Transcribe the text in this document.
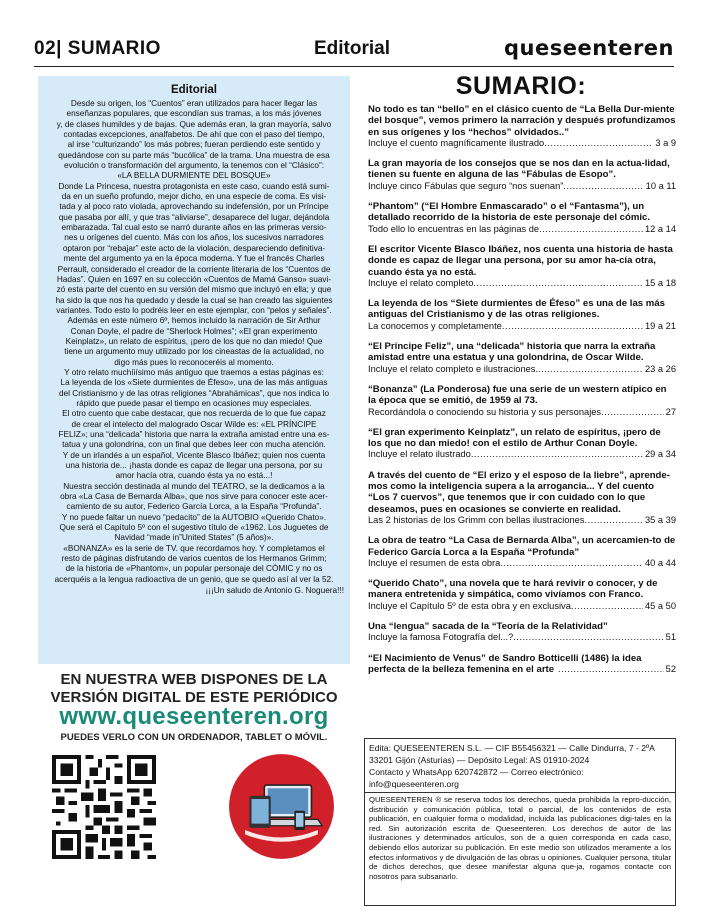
02| SUMARIO	Editorial	queseenteren
Editorial

Desde su origen, los “Cuentos” eran utilizados para hacer llegar las

enseñanzas populares, que escondían sus tramas, a los más jóvenes

y, de clases humildes y de bajas. Que además eran, la gran mayoría, salvo

contadas excepciones, analfabetos. De ahí que con el paso del tiempo,

al irse “culturizando” los más pobres; fueran perdiendo este sentido y

quedándose con su parte más “bucólica” de la trama. Una muestra de esa

evolución o transformación del argumento, la tenemos con el “Clásico”:

«LA BELLA DURMIENTE DEL BOSQUE»

Donde La Princesa, nuestra protagonista en este caso, cuando está sumi-

da en un sueño profundo, mejor dicho, en una especie de coma. Es visi-

tada y al poco rato violada, aprovechando su indefensión, por un Príncipe

que pasaba por allí, y que tras “aliviarse”, desaparece del lugar, dejándola

embarazada. Tal cual esto se narró durante años en las primeras versio-

nes u orígenes del cuento. Más con los años, los sucesivos narradores

optaron por “rebajar” este acto de la violación, despareciendo definitiva-

mente del argumento ya en la época moderna. Y fue el francés Charles

Perrault, considerado el creador de la corriente literaria de los “Cuentos de

Hadas”. Quien en 1697 en su colección «Cuentos de Mamá Ganso» suavi-

zó esta parte del cuento en su versión del mismo que incluyó en ella; y que

ha sido la que nos ha quedado y desde la cual se han creado las siguientes

variantes. Todo esto lo podréis leer en este ejemplar, con “pelos y señales”.

Además en este número 6º, hemos incluido la narración de Sir Arthur

Conan Doyle, el padre de “Sherlock Holmes”; «El gran experimento

Keinplatz», un relato de espíritus, ¡pero de los que no dan miedo! Que

tiene un argumento muy utilizado por los cineastas de la actualidad, no

digo más pues lo reconoceréis al momento.

Y otro relato muchíiísimo más antiguo que traemos a estas páginas es:

La leyenda de los «Siete durmientes de Éfeso», una de las más antiguas

del Cristianismo y de las otras religiones “Abrahámicas”, que nos indica lo

rápido que puede pasar el tiempo en ocasiones muy especiales.

El otro cuento que cabe destacar, que nos recuerda de lo que fue capaz

de crear el intelecto del malogrado Oscar Wilde es: «EL PRÍNCIPE

FELIZ»; una “delicada” historia que narra la extraña amistad entre una es-

tatua y una golondrina, con un final que debes leer con mucha atención.

Y de un irlandés a un español, Vicente Blasco Ibáñez; quien nos cuenta

una historia de... ¡hasta donde es capaz de llegar una persona, por su

amor hacía otra, cuando ésta ya no está...!

Nuestra sección destinada al mundo del TEATRO, se la dedicamos a la

obra «La Casa de Bernarda Alba», que nos sirve para conocer este acer-

camiento de su autor, Federico García Lorca, a la España “Profunda”.

Y no puede faltar un nuevo “pedacito” de la AUTOBIO «Querido Chato».

Que será el Capítulo 5º con el sugestivo título de «1962. Los Juguetes de

Navidad “made in”United States” (5 años)».

«BONANZA» es la serie de TV. que recordamos hoy. Y completamos el

resto de páginas disfrutando de varios cuentos de los Hermanos Grimm;

de la historia de «Phantom», un popular personaje del CÓMIC y no os

acerquéis a la lengua radioactiva de un genio, que se quedo así al ver la 52.

¡¡¡Un saludo de Antonio G. Noguera!!!
EN NUESTRA WEB DISPONES DE LA
VERSIÓN DIGITAL DE ESTE PERIÓDICO
www.queseenteren.org
PUEDES VERLO CON UN ORDENADOR, TABLET O MÓVIL.
SUMARIO:
No todo es tan “bello” en el clásico cuento de “La Bella Dur-miente del bosque”, vemos primero la narración y después profundizamos en sus orígenes y los “hechos” olvidados..”
Incluye el cuento magníficamente ilustrado .....	3 a 9
La gran mayoría de los consejos que se nos dan en la actua-lidad, tienen su fuente en alguna de las “Fábulas de Esopo”.
Incluye cinco Fábulas que seguro “nos suenan” .....	10 a 11
“Phantom” (“El Hombre Enmascarado” o el “Fantasma”), un detallado recorrido de la historia de este personaje del cómic.
Todo ello lo encuentras en las páginas de .....	12 a 14
El escritor Vicente Blasco Ibáñez, nos cuenta una historia de hasta donde es capaz de llegar una persona, por su amor ha-cía otra, cuando ésta ya no está.
Incluye el relato completo .....	15 a 18
La leyenda de los “Siete durmientes de Éfeso” es una de las más antiguas del Cristianismo y de las otras religiones.
La conocemos y completamente .....	19 a 21
“El Príncipe Feliz”, una “delicada” historia que narra la extraña amistad entre una estatua y una golondrina, de Oscar Wilde.
Incluye el relato completo e ilustraciones. .....	23 a 26
“Bonanza” (La Ponderosa) fue una serie de un western atípico en la época que se emitió, de 1959 al 73.
Recordándola o conociendo su historia y sus personajes .....	27
“El gran experimento Keinplatz”, un relato de espíritus, ¡pero de los que no dan miedo! con el estilo de Arthur Conan Doyle.
Incluye el relato ilustrado .....	29 a 34
A través del cuento de “El erizo y el esposo de la liebre”, aprende-mos como la inteligencia supera a la arrogancia... Y del cuento “Los 7 cuervos”, que tenemos que ir con cuidado con lo que deseamos, pues en ocasiones se convierte en realidad.
Las 2 historias de los Grimm con bellas ilustraciones .....	35 a 39
La obra de teatro “La Casa de Bernarda Alba”, un acercamien-to de Federico García Lorca a la España “Profunda”
Incluye el resumen de esta obra .....	40 a 44
“Querido Chato”, una novela que te hará revivir o conocer, y de manera entretenida y simpática, como vivíamos con Franco.
Incluye el Capítulo 5º de esta obra y en exclusiva .....	45 a 50
Una “lengua” sacada de la “Teoría de la Relatividad”
Incluye la famosa Fotografía del...? .....	51
“El Nacimiento de Venus” de Sandro Botticelli (1486) la idea perfecta de la belleza femenina en el arte .....	52
Edita: QUESEENTEREN S.L. — CIF B55456321 — Calle Dindurra, 7 - 2ºA
33201 Gijón (Asturias) — Depósito Legal: AS 01910-2024
Contacto y WhatsApp 620742872 — Correo electrónico: info@queseenteren.org
QUESEENTEREN ® se reserva todos los derechos, queda prohibida la repro-ducción, distribución y comunicación pública, total o parcial, de los contenidos de esta publicación, en cualquier forma o modalidad, incluida las publicaciones digi-tales en la red. Sin autorización escrita de Queseenteren. Los derechos de autor de las ilustraciones y determinados artículos, son de a quien corresponda en cada caso, debiendo ellos autorizar su publicación. En este medio son utilizados meramente a los efectos informativos y de divulgación de las obras u opiniones. Cualquier persona, titular de dichos derechos, que desee manifestar alguna que-ja, rogamos contacte con nosotros para subsanarlo.
